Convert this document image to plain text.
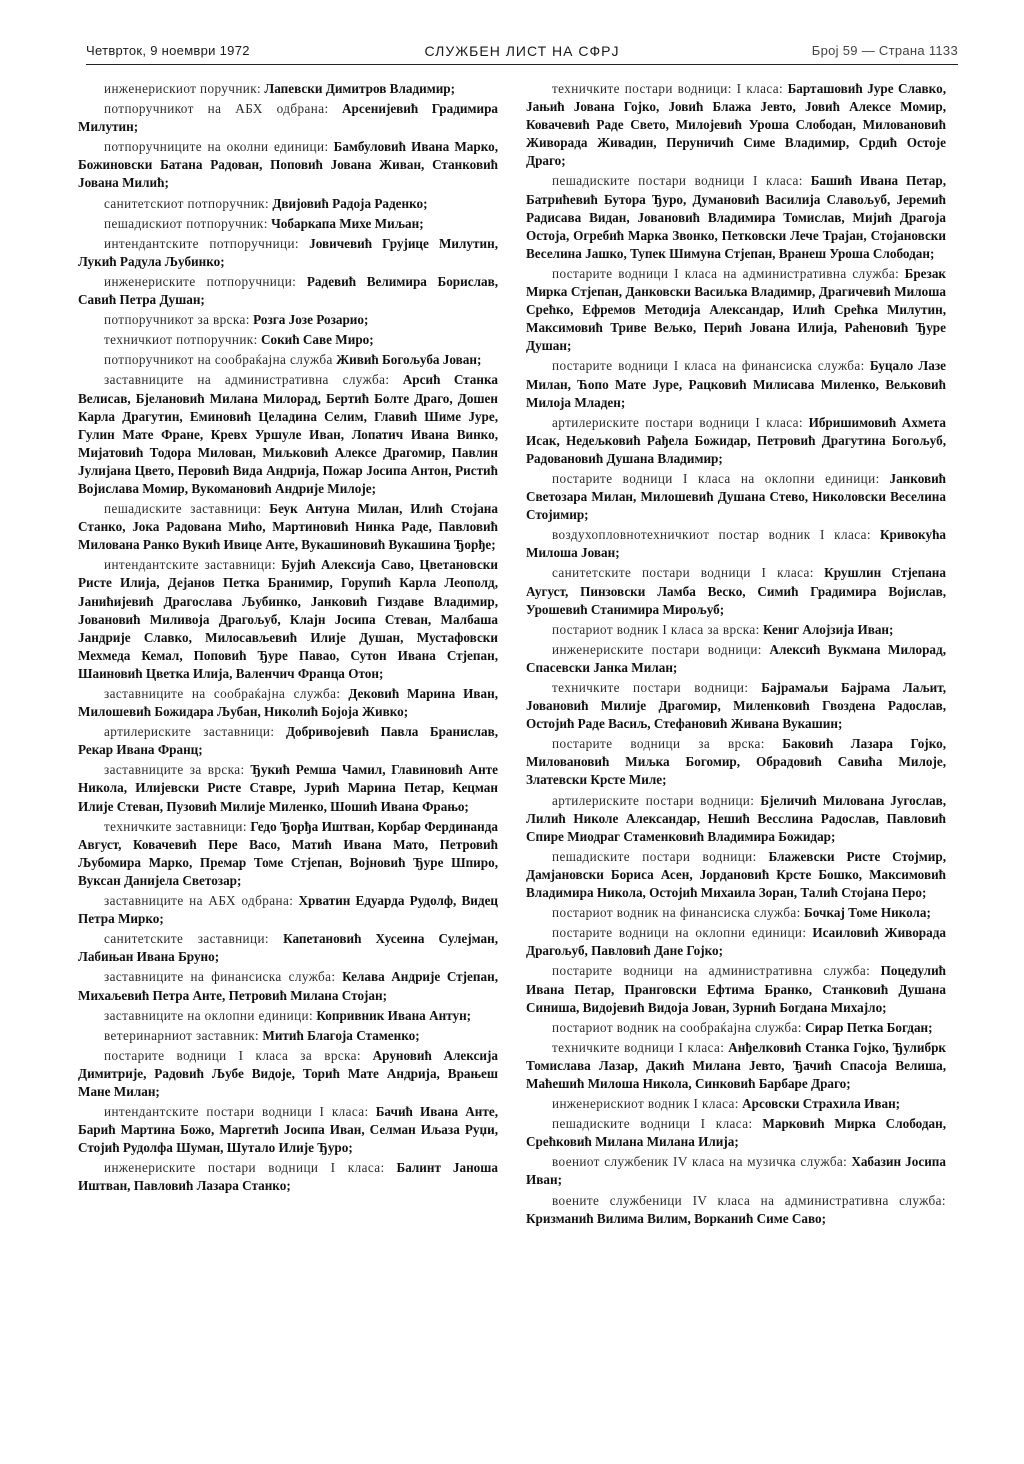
Четврток, 9 ноември 1972	СЛУЖБЕН ЛИСТ НА СФРЈ	Број 59 — Страна 1133

инжeнерискиот поручник: Лапевски Димитров Владимир;

потпоручникот на АБХ одбрана: Арсенијевиħ Градимира Милутин;

потпоручниците на околни единици: Бамбуловиħ Ивана Марко, Божиновски Батана Радован, Поповиħ Јована Живан, Станковиħ Јована Милиħ;

санитетскиот потпоручник: Двијовиħ Радоја Раденко;

пешадискиот потпоручник: Чобаркапа Михе Миљан;

интендантските потпоручници: Јовичевиħ Грујице Милутин, Лукиħ Радула Љубинко;

инженериските потпоручници: Радевиħ Велимира Борислав, Савиħ Петра Душан;

потпоручникот за врска: Розга Јозе Розарио;

техничкиот потпоручник: Сокиħ Саве Миро;

потпоручникот на сообраќајна служба Живиħ Богољуба Јован;

заставниците на административна служба: Арсиħ Станка Велисав, Бјелановиħ Милана Милорад, Бертиħ Болте Драго, Дошен Карла Драгутин, Еминовиħ Целадина Селим, Главиħ Шиме Јуре, Гулин Мате Фране, Кревх Уршуле Иван, Лопатич Ивана Винко, Мијатовиħ Тодора Милован, Миљковиħ Алексе Драгомир, Павлин Јулијана Цвето, Перовиħ Вида Андрија, Пожар Јосипа Антон, Ристиħ Војислава Момир, Вукомановиħ Андрије Милоје;

пешадиските заставници: Беук Антуна Милан, Илиħ Стојана Станко, Јока Радована Миħо, Мартиновиħ Нинка Раде, Павловиħ Милована Ранко Вукиħ Ивице Анте, Вукашиновиħ Вукашина Ђорђе;

интендантските заставници: Бујиħ Алексија Саво, Цветановски Ристе Илија, Дејанов Петка Бранимир, Горупиħ Карла Леополд, Јанићијевиħ Драгослава Љубинко, Јанковиħ Гиздаве Владимир, Јовановиħ Миливоја Драгољуб, Клајн Јосипа Стеван, Малбаша Јандрије Славко, Милосављевиħ Илије Душан, Мустафовски Мехмеда Кемал, Поповиħ Ђуре Павао, Сутон Ивана Стјепан, Шаиновиħ Цветка Илија, Валенчич Франца Отон;

заставниците на сообраќајна служба: Дековиħ Марина Иван, Милошевиħ Божидара Љубан, Николиħ Бојоја Живко;

артилериските заставници: Добривојевиħ Павла Бранислав, Рекар Ивана Франц;

заставниците за врска: Ђукиħ Ремша Чамил, Главиновиħ Анте Никола, Илијевски Ристе Ставре, Јуриħ Марина Петар, Кецман Илије Стеван, Пузовиħ Милије Миленко, Шошиħ Ивана Фрањо;

техничките заставници: Гедо Ђорђа Иштван, Корбар Фердинанда Август, Ковачевиħ Пере Васо, Матиħ Ивана Мато, Петровиħ Љубомира Марко, Премар Томе Стјепан, Војновиħ Ђуре Шпиро, Вуксан Данијела Светозар;

заставниците на АБХ одбрана: Хрватин Едуарда Рудолф, Видец Петра Мирко;

санитетските заставници: Капетановиħ Хусеина Сулејман, Лабињан Ивана Бруно;

заставниците на финансиска служба: Келава Андрије Стјепан, Михаљевиħ Петра Анте, Петровиħ Милана Стојан;

заставниците на оклопни единици: Копривник Ивана Антун;

ветеринарниот заставник: Митиħ Благоја Стаменко;

постарите водници I класа за врска: Аруновиħ Алексија Димитрије, Радовиħ Љубе Видоје, Ториħ Мате Андрија, Врањеш Мане Милан;

интендантските постари водници I класа: Бачиħ Ивана Анте, Бариħ Мартина Божо, Маргетиħ Јосипа Иван, Селман Иљаза Руџи, Стојиħ Рудолфа Шуман, Шутало Илије Ђуро;

инженериските постари водници I класа: Балинт Јаноша Иштван, Павловиħ Лазара Станко;

техничките постари водници: I класа: Барташовиħ Јуре Славко, Јањиħ Јована Гојко, Јовиħ Блажа Јевто, Јовиħ Алексе Момир, Ковачевиħ Раде Свето, Милојевиħ Уроша Слободан, Миловановиħ Живорада Живадин, Перуничиħ Симе Владимир, Срдиħ Остоје Драго;

пешадиските постари водници I класа: Башиħ Ивана Петар, Батриħевиħ Бутора Ђуро, Думановиħ Василија Славољуб, Јеремиħ Радисава Видан, Јовановиħ Владимира Томислав, Мијиħ Драгоја Остоја, Огребиħ Марка Звонко, Петковски Лече Трајан, Стојановски Веселина Јашко, Тупек Шимуна Стјепан, Вранеш Уроша Слободан;

постарите водници I класа на административна служба: Брезак Мирка Стјепан, Данковски Васиљка Владимир, Драгичевиħ Милоша Срећко, Ефремов Методија Александар, Илиħ Срећка Милутин, Максимовиħ Триве Вељко, Периħ Јована Илија, Раħеновиħ Ђуре Душан;

постарите водници I класа на финансиска служба: Буцало Лазе Милан, Ћопо Мате Јуре, Рацковиħ Милисава Миленко, Вељковиħ Милоја Младен;

артилериските постари водници I класа: Ибришимовиħ Ахмета Исак, Недељковиħ Рађела Божидар, Петровиħ Драгутина Богољуб, Радовановиħ Душана Владимир;

постарите водници I класа на оклопни единици: Јанковиħ Светозара Милан, Милошевиħ Душана Стево, Николовски Веселина Стојимир;

воздухопловнотехничкиот постар водник I класа: Кривокућа Милоша Јован;

санитетските постари водници I класа: Крушлин Стјепана Аугуст, Пинзовски Ламба Веско, Симиħ Градимира Војислав, Урошевиħ Станимира Мирољуб;

постариот водник I класа за врска: Кениг Алојзија Иван;

инженериските постари водници: Алексиħ Вукмана Милорад, Спасевски Јанка Милан;

техничките постари водници: Бајрамаљи Бајрама Лаљит, Јовановиħ Милије Драгомир, Миленковиħ Гвоздена Радослав, Остојиħ Раде Васиљ, Стефановиħ Живана Вукашин;

постарите водници за врска: Баковиħ Лазара Гојко, Миловановиħ Миљка Богомир, Обрадовиħ Савиħа Милоје, Златевски Крсте Миле;

артилериските постари водници: Бјеличиħ Милована Југослав, Лилиħ Николе Александар, Нешиħ Весслина Радослав, Павловиħ Спире Миодраг Стаменковиħ Владимира Божидар;

пешадиските постари водници: Блажевски Ристе Стојмир, Дамјановски Бориса Асен, Јордановиħ Крсте Бошко, Максимовиħ Владимира Никола, Остојиħ Михаила Зоран, Талиħ Стојана Перо;

постариот водник на финансиска служба: Бочкај Томе Никола;

постарите водници на оклопни единици: Исаиловиħ Живорада Драгољуб, Павловиħ Дане Гојко;

постарите водници на административна служба: Поцедулиħ Ивана Петар, Пранговски Ефтима Бранко, Станковиħ Душана Синиша, Видојевиħ Видоја Јован, Зурниħ Богдана Михајло;

постариот водник на сообраќајна служба: Сирар Петка Богдан;

техничките водници I класа: Анђелковиħ Станка Гојко, Ђулибрк Томислава Лазар, Дакиħ Милана Јевто, Ђачиħ Спасоја Велиша, Маħешиħ Милоша Никола, Синковиħ Барбаре Драго;

инженерискиот водник I класа: Арсовски Страхила Иван;

пешадиските водници I класа: Марковиħ Мирка Слободан, Срећковиħ Милана Милана Илија;

воениот службеник IV класа на музичка служба: Хабазин Јосипа Иван;

воените службеници IV класа на административна служба: Кризманиħ Вилима Вилим, Ворканиħ Симе Саво;
